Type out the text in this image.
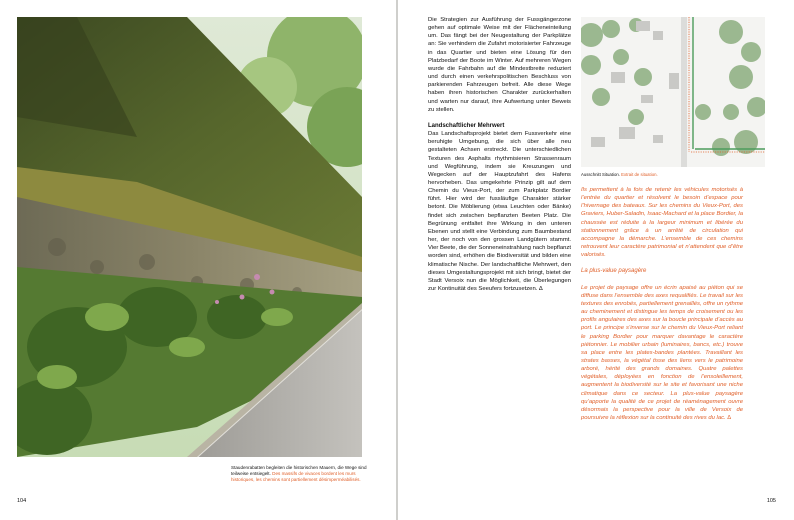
Staudenrabatten begleiten die historischen Mauern, die Wege sind teilweise entsiegelt. Des massifs de vivaces bordent les murs historiques, les chemins sont partiellement désimperméabilisés.
104

Die Strategien zur Ausführung der Fussgängerzone gehen auf optimale Weise mit der Flächeneinteilung um. Das fängt bei der Neugestaltung der Parkplätze an: Sie verhindern die Zufahrt motorisierter Fahrzeuge in das Quartier und bieten eine Lösung für den Platzbedarf der Boote im Winter. Auf mehreren Wegen wurde die Fahrbahn auf die Mindestbreite reduziert und durch einen verkehrspolitischen Beschluss von parkierenden Fahrzeugen befreit. Alle diese Wege haben ihren historischen Charakter zurückerhalten und warten nur darauf, ihre Aufwertung unter Beweis zu stellen.

Landschaftlicher Mehrwert

Das Landschaftsprojekt bietet dem Fussverkehr eine beruhigte Umgebung, die sich über alle neu gestalteten Achsen erstreckt. Die unterschiedlichen Texturen des Asphalts rhythmisieren Strassenraum und Wegführung, indem sie Kreuzungen und Wegecken auf der Hauptzufahrt des Hafens hervorheben. Das umgekehrte Prinzip gilt auf dem Chemin du Vieux-Port, der zum Parkplatz Bordier führt. Hier wird der fussläufige Charakter stärker betont. Die Möblierung (etwa Leuchten oder Bänke) findet sich zwischen bepflanzten Beeten Platz. Die Begrünung entfaltet ihre Wirkung in den unteren Ebenen und stellt eine Verbindung zum Baumbestand her, der noch von den grossen Landgütern stammt. Vier Beete, die der Sonneneinstrahlung nach bepflanzt worden sind, erhöhen die Biodiversität und bilden eine klimatische Nische. Der landschaftliche Mehrwert, den dieses Umgestaltungsprojekt mit sich bringt, bietet der Stadt Versoix nun die Möglichkeit, die Überlegungen zur Kontinuität des Seeufers fortzusetzen. ∆

Ausschnitt Situation. Extrait de situation.

Ils permettent à la fois de retenir les véhicules motorisés à l’entrée du quartier et résolvent le besoin d’espace pour l’hivernage des bateaux. Sur les chemins du Vieux-Port, des Graviers, Huber-Saladin, Isaac-Machard et la place Bordier, la chaussée est réduite à la largeur minimum et libérée du stationnement grâce à un arrêté de circulation qui accompagne la démarche. L’ensemble de ces chemins retrouvent leur caractère patrimonial et n’attendent que d’être valorisés.

La plus-value paysagère

Le projet de paysage offre un écrin apaisé au piéton qui se diffuse dans l’ensemble des axes requalifiés. Le travail sur les textures des enrobés, partiellement grenaillés, offre un rythme au cheminement et distingue les temps de croisement ou les profils angulaires des axes sur la boucle principale d’accès au port. Le principe s’inverse sur le chemin du Vieux-Port reliant le parking Bordier pour marquer davantage le caractère piétonnier. Le mobilier urbain (luminaires, bancs, etc.) trouve sa place entre les plates-bandes plantées. Travaillant les strates basses, la végétal tisse des liens vers le patrimoine arboré, hérité des grands domaines. Quatre palettes végétales, déployées en fonction de l’ensoleillement, augmentent la biodiversité sur le site et favorisant une niche climatique dans ce secteur. La plus-value paysagère qu’apporte la qualité de ce projet de réaménagement ouvre désormais la perspective pour la ville de Versoix de poursuivre la réflexion sur la continuité des rives du lac. ∆

105
